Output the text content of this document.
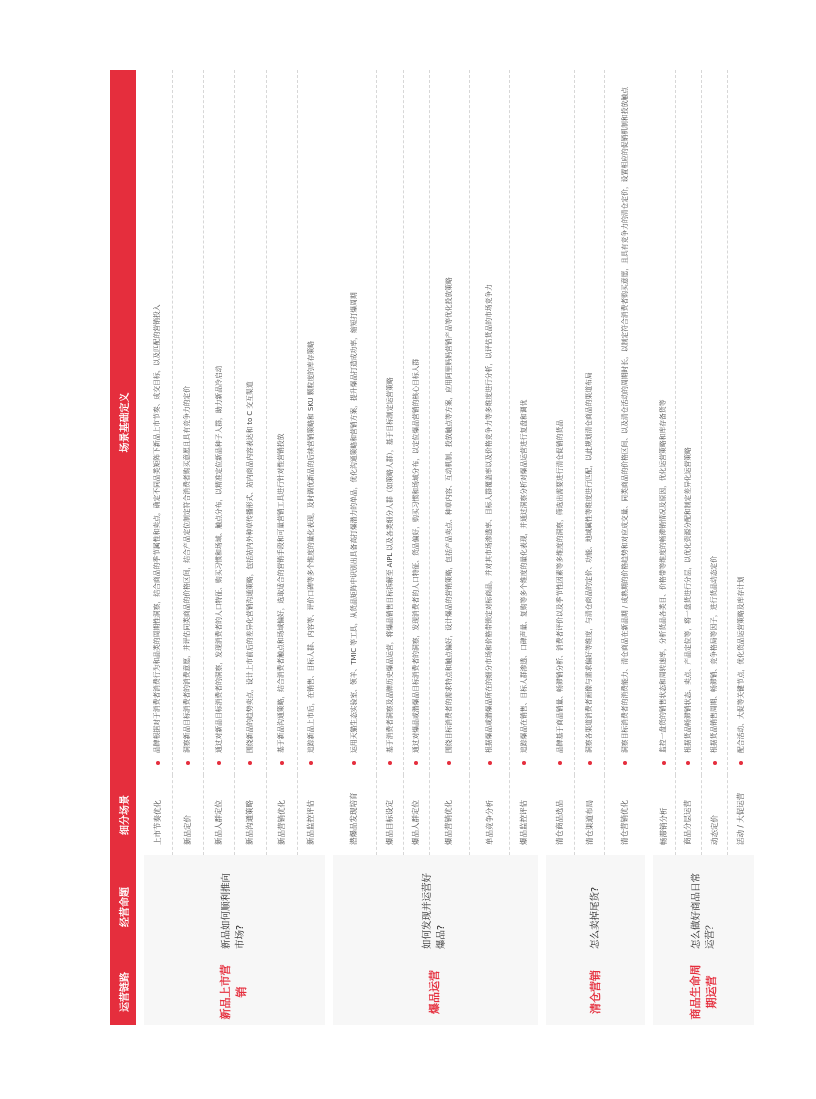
运营链路	经营命题	细分场景	场景基础定义
新品上市营销	新品如何顺利推向市场?	上市节奏优化	品牌根据对于消费者消费行为和品类的周期性洞察，结合商品的季节属性和卖点，确定不同品类矩阵下新品上市节奏、成交目标，以及匹配的营销投入
		新品定价	洞察新品目标消费者的消费意愿，并评估同类商品的价格区间，结合产品定位制定符合消费者购买意愿且具有竞争力的定价
		新品人群定位	通过对新品目标消费者的洞察，发现消费者的人口特征、购买习惯和场域、触点分布，以精准定位新品种子人群，助力新品冷启动
		新品沟通策略	围绕新品的趋势卖点，设计上市前后的差异化营销沟通策略，包括站内外种草传播形式、站内商品内容表达和 to C 交互渠道
		新品营销优化	基于新品沟通策略，结合消费者触点和场域偏好，选取适合的营销手段和可量营销工具进行针对性营销投放
		新品监控评估	追踪新品上市后，在销售、目标人群、内容等、评价口碑等多个维度的量化表现，及时调优新品的后续营销策略和 SKU 颗粒度的库存策略
爆品运营	如何发现并运营好爆品?	潜爆品发现培育	运用天猫生态实验室、领羊、TMIC 等工具，从货品矩阵中识别出具备高打爆潜力的单品，优化沟通策略和营销方案，提升爆品打造成功率，缩短打爆周期
		爆品目标设定	基于消费者洞察及品牌历史爆品运营，将爆品销售目标拆解至 AIPL 以及各类细分人群（如策略人群），基于目标制定运营策略
		爆品人群定位	通过对爆品或潜爆品目标消费者的洞察，发现消费者的人口特征、货品偏好，购买习惯和场域分布，以定位爆品营销的核心目标人群
		爆品营销优化	围绕目标消费者的需求特点和触点偏好，设计爆品的营销策略，包括产品卖点、种草内容、互动机制、投放触点等方案，应用阿里妈妈营销产品等优化投放策略
		单品竞争分析	根据爆品或潜爆品所在的细分市场和价格带锁定对标商品，并对其市场渗透率、目标人群覆盖率以及价格竞争力等多维度进行分析，以评估货品的市场竞争力
		爆品监控评估	追踪爆品在销售、目标人群渗透、口碑声量、复购等多个维度的量化表现，并通过洞察分析对爆品运营进行复盘和调优
清仓营销	怎么卖掉尾货?	清仓商品选品	品牌基于商品销量、畅滞销分析、消费者评价以及季节性因素等多维度的洞察，筛选出需要进行清仓促销的货品
		清仓渠道布局	洞察各渠道消费者画像与需求偏好等维度，与清仓商品的定价、功能、地域属性等维度进行匹配，以此规划清仓商品的渠道布局
		清仓营销优化	洞察目标消费者的消费能力、清仓商品在新品期 / 成熟期的价格趋势和对应成交量、同类商品的价格区间、以及清仓活动的周期时长，以制定符合消费者购买意愿，且具有竞争力的清仓定价，设置相应的促销机制和投放触点
商品生命周期运营	怎么做好商品日常运营？	畅滞销分析	监控一盘货的销售状态和周转速率，分析货品各类目、价格带等维度的畅滞销情况及原因，优化运营策略和库存备货等
		商品分层运营	根据货品畅滞销状态、卖点、产品定位等，将一盘货进行分层，以优化资源分配和制定差异化运营策略
		动态定价	根据货品销售周期、畅滞销、竞争格局等因子，进行货品动态定价
		活动 / 大促运营	配合活动、大促等关键节点，优化货品运营策略及库存计划
